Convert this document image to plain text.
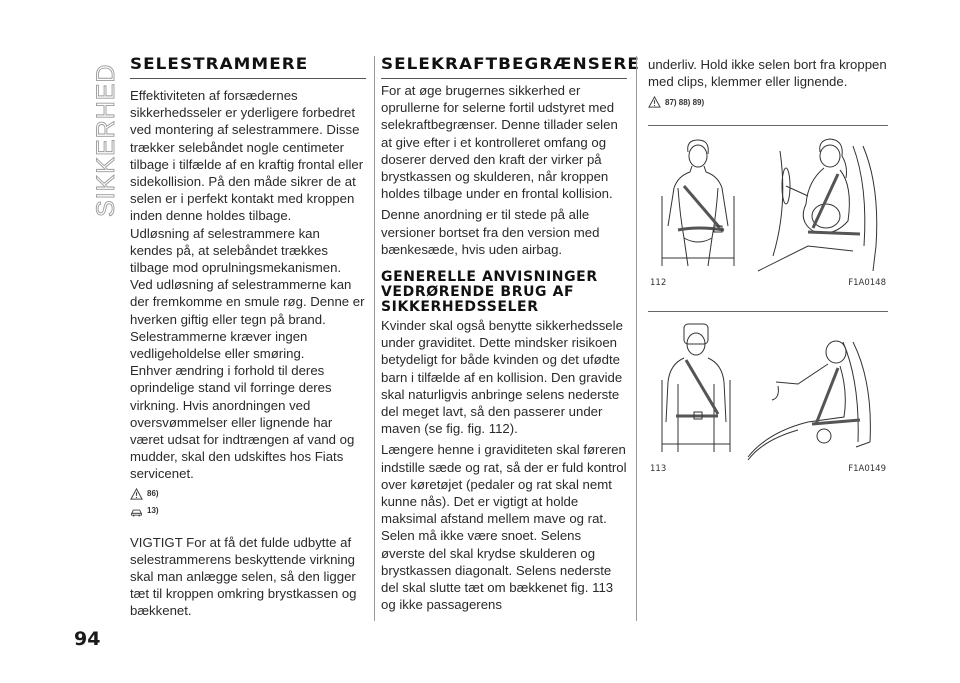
SIKKERHED
SELESTRAMMERE

Effektiviteten af forsædernes sikkerhedsseler er yderligere forbedret ved montering af selestrammere. Disse trækker selebåndet nogle centimeter tilbage i tilfælde af en kraftig frontal eller sidekollision. På den måde sikrer de at selen er i perfekt kontakt med kroppen inden denne holdes tilbage.

Udløsning af selestrammere kan kendes på, at selebåndet trækkes tilbage mod oprulningsmekanismen.

Ved udløsning af selestrammerne kan der fremkomme en smule røg. Denne er hverken giftig eller tegn på brand.

Selestrammerne kræver ingen vedligeholdelse eller smøring.

Enhver ændring i forhold til deres oprindelige stand vil forringe deres virkning. Hvis anordningen ved oversvømmelser eller lignende har været udsat for indtrængen af vand og mudder, skal den udskiftes hos Fiats servicenet.

86)
13)

VIGTIGT For at få det fulde udbytte af selestrammerens beskyttende virkning skal man anlægge selen, så den ligger tæt til kroppen omkring brystkassen og bækkenet.

SELEKRAFTBEGRÆNSERE

For at øge brugernes sikkerhed er oprullerne for selerne fortil udstyret med selekraftbegrænser. Denne tillader selen at give efter i et kontrolleret omfang og doserer derved den kraft der virker på brystkassen og skulderen, når kroppen holdes tilbage under en frontal kollision.

Denne anordning er til stede på alle versioner bortset fra den version med bænkesæde, hvis uden airbag.

GENERELLE ANVISNINGER VEDRØRENDE BRUG AF SIKKERHEDSSELER

Kvinder skal også benytte sikkerhedsselе under graviditet. Dette mindsker risikoen betydeligt for både kvinden og det ufødte barn i tilfælde af en kollision. Den gravide skal naturligvis anbringe selens nederste del meget lavt, så den passerer under maven (se fig. fig. 112).

Længere henne i graviditeten skal føreren indstille sæde og rat, så der er fuld kontrol over køretøjet (pedaler og rat skal nemt kunne nås). Det er vigtigt at holde maksimal afstand mellem mave og rat. Selen må ikke være snoet. Selens øverste del skal krydse skulderen og brystkassen diagonalt. Selens nederste del skal slutte tæt om bækkenet fig. 113 og ikke passagerens

underliv. Hold ikke selen bort fra kroppen med clips, klemmer eller lignende.

87) 88) 89)
112	F1A0148
113	F1A0149
94
